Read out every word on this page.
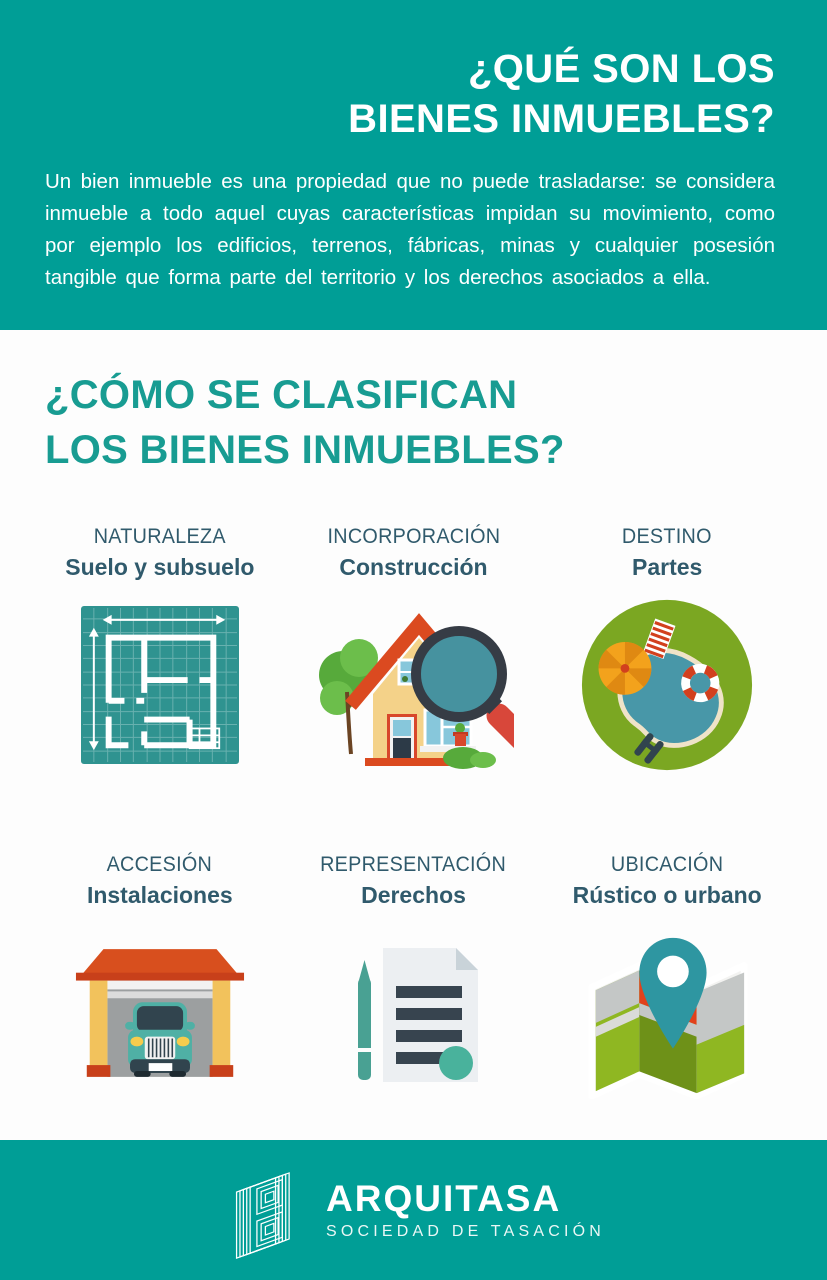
¿QUÉ SON LOS
BIENES INMUEBLES?

Un bien inmueble es una propiedad que no puede trasladarse: se considera inmueble a todo aquel cuyas características impidan su movimiento, como por ejemplo los edificios, terrenos, fábricas, minas y cualquier posesión tangible que forma parte del territorio y los derechos asociados a ella.

¿CÓMO SE CLASIFICAN
LOS BIENES INMUEBLES?
NATURALEZA
Suelo y subsuelo
INCORPORACIÓN
Construcción
DESTINO
Partes
ACCESIÓN
Instalaciones
REPRESENTACIÓN
Derechos
UBICACIÓN
Rústico o urbano
ARQUITASA
SOCIEDAD DE TASACIÓN
